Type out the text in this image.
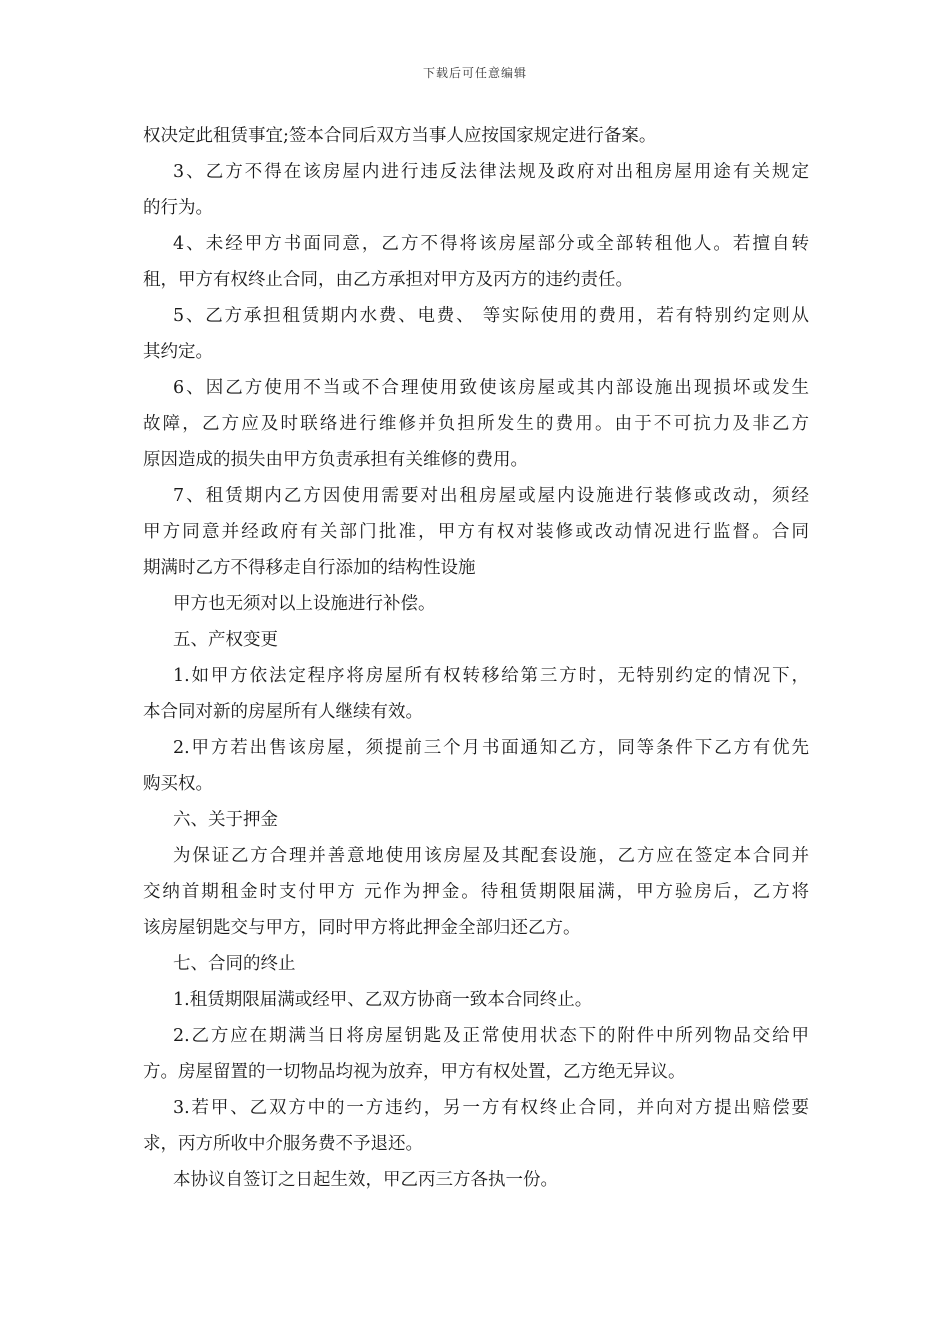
下载后可任意编辑
权决定此租赁事宜;签本合同后双方当事人应按国家规定进行备案。
3、乙方不得在该房屋内进行违反法律法规及政府对出租房屋用途有关规定
的行为。
4、未经甲方书面同意，乙方不得将该房屋部分或全部转租他人。若擅自转
租，甲方有权终止合同，由乙方承担对甲方及丙方的违约责任。
5、乙方承担租赁期内水费、电费、 等实际使用的费用，若有特别约定则从
其约定。
6、因乙方使用不当或不合理使用致使该房屋或其内部设施出现损坏或发生
故障，乙方应及时联络进行维修并负担所发生的费用。由于不可抗力及非乙方
原因造成的损失由甲方负责承担有关维修的费用。
7、租赁期内乙方因使用需要对出租房屋或屋内设施进行装修或改动，须经
甲方同意并经政府有关部门批准，甲方有权对装修或改动情况进行监督。合同
期满时乙方不得移走自行添加的结构性设施
甲方也无须对以上设施进行补偿。
五、产权变更
1.如甲方依法定程序将房屋所有权转移给第三方时，无特别约定的情况下，
本合同对新的房屋所有人继续有效。
2.甲方若出售该房屋，须提前三个月书面通知乙方，同等条件下乙方有优先
购买权。
六、关于押金
为保证乙方合理并善意地使用该房屋及其配套设施，乙方应在签定本合同并
交纳首期租金时支付甲方 元作为押金。待租赁期限届满，甲方验房后，乙方将
该房屋钥匙交与甲方，同时甲方将此押金全部归还乙方。
七、合同的终止
1.租赁期限届满或经甲、乙双方协商一致本合同终止。
2.乙方应在期满当日将房屋钥匙及正常使用状态下的附件中所列物品交给甲
方。房屋留置的一切物品均视为放弃，甲方有权处置，乙方绝无异议。
3.若甲、乙双方中的一方违约，另一方有权终止合同，并向对方提出赔偿要
求，丙方所收中介服务费不予退还。
本协议自签订之日起生效，甲乙丙三方各执一份。
